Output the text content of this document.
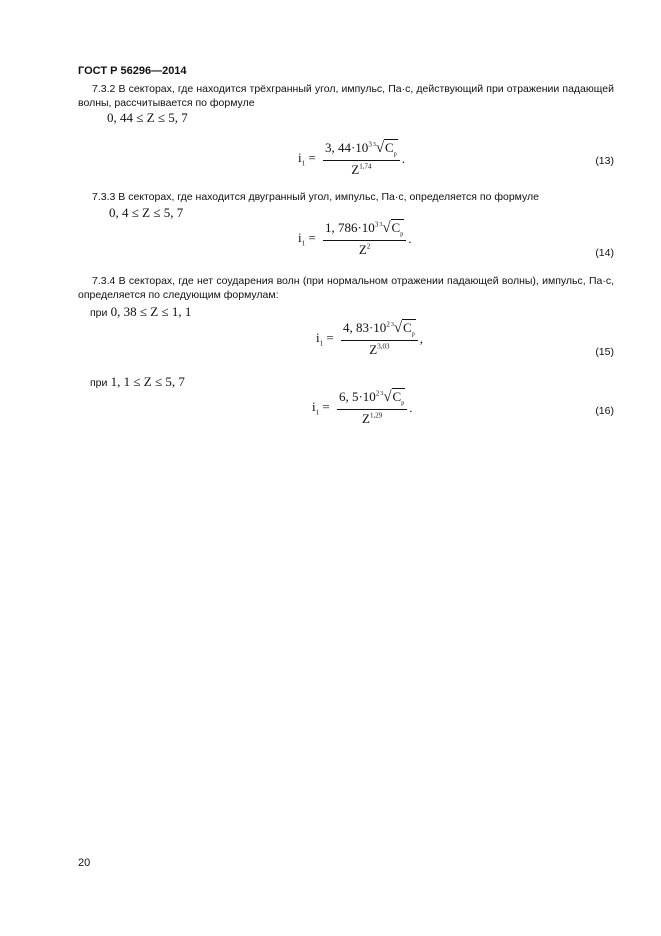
ГОСТ Р 56296—2014
7.3.2 В секторах, где находится трёхгранный угол, импульс, Па·с, действующий при отражении падающей волны, рассчитывается по формуле
0, 44 ≤ Z ≤ 5, 7
$i_1 = \frac{3, 44\cdot 10^{33}√C_p}{Z^{1,74}}$ .	(13)
7.3.3 В секторах, где находится двугранный угол, импульс, Па·с, определяется по формуле
0, 4 ≤ Z ≤ 5, 7
$i_1 = \frac{1, 786\cdot 10^{33}√C_p}{Z^2}$ .
(14)
7.3.4 В секторах, где нет соударения волн (при нормальном отражении падающей волны), импульс, Па·с, определяется по следующим формулам:
при 0, 38 ≤ Z ≤ 1, 1
$i_1 = \frac{4, 83\cdot 10^{23}√C_p}{Z^{3,03}}$ ,
(15)
при 1, 1 ≤ Z ≤ 5, 7
$i_1 = \frac{6, 5\cdot 10^{23}√C_p}{Z^{1,29}}$ .	(16)
20
